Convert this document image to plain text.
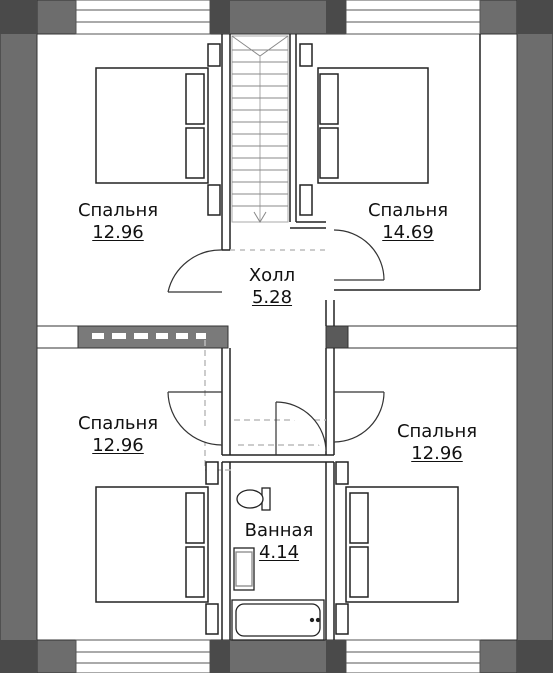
Спальня
12.96
Спальня
14.69
Холл
5.28
Спальня
12.96
Спальня
12.96
Ванная
4.14
